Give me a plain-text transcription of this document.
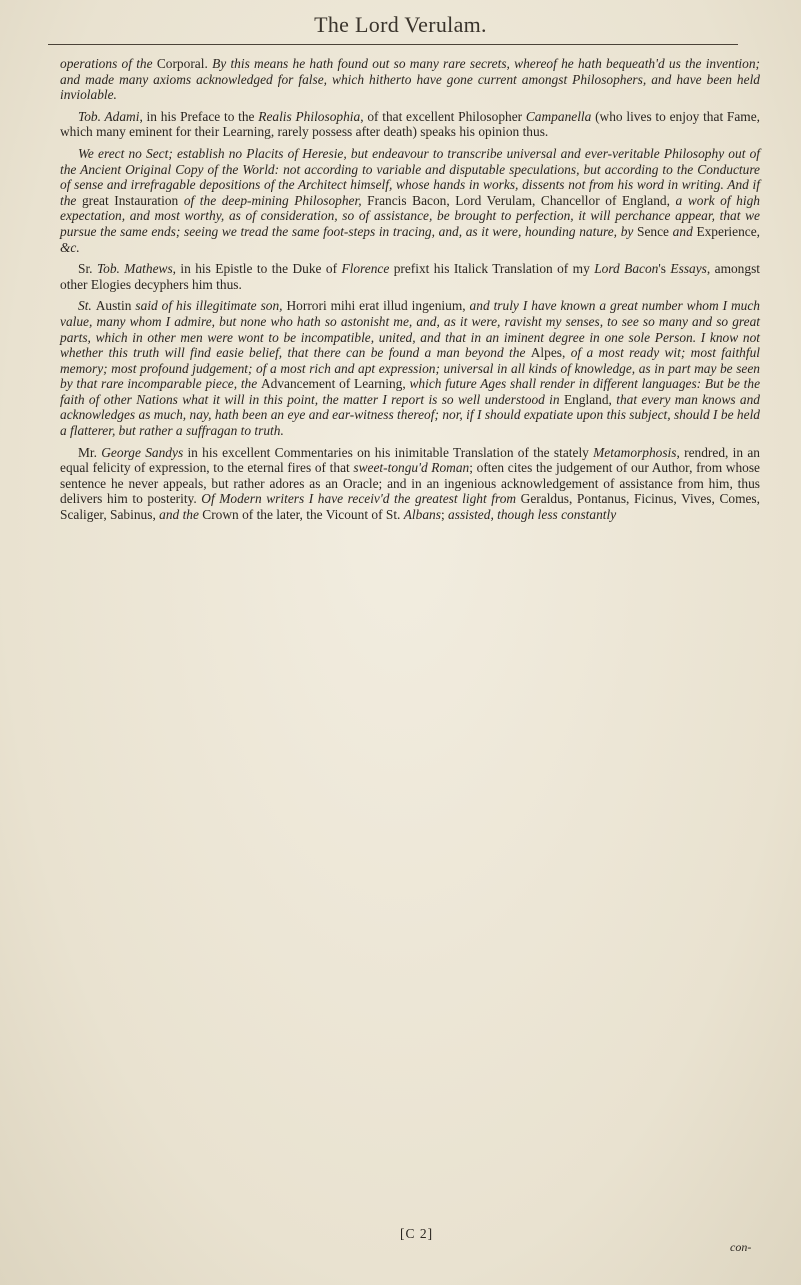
The Lord Verulam.

operations of the Corporal. By this means he hath found out so many rare secrets, whereof he hath bequeath'd us the invention; and made many axioms acknowledged for false, which hitherto have gone current amongst Philosophers, and have been held inviolable.

Tob. Adami, in his Preface to the Realis Philosophia, of that excellent Philosopher Campanella (who lives to enjoy that Fame, which many eminent for their Learning, rarely possess after death) speaks his opinion thus.

We erect no Sect; establish no Placits of Heresie, but endeavour to transcribe universal and ever-veritable Philosophy out of the Ancient Original Copy of the World: not according to variable and disputable speculations, but according to the Conducture of sense and irrefragable depositions of the Architect himself, whose hands in works, dissents not from his word in writing. And if the great Instauration of the deep-mining Philosopher, Francis Bacon, Lord Verulam, Chancellor of England, a work of high expectation, and most worthy, as of consideration, so of assistance, be brought to perfection, it will perchance appear, that we pursue the same ends; seeing we tread the same foot-steps in tracing, and, as it were, hounding nature, by Sence and Experience, &c.

Sr. Tob. Mathews, in his Epistle to the Duke of Florence prefixt his Italick Translation of my Lord Bacon's Essays, amongst other Elogies decyphers him thus.

St. Austin said of his illegitimate son, Horrori mihi erat illud ingenium, and truly I have known a great number whom I much value, many whom I admire, but none who hath so astonisht me, and, as it were, ravisht my senses, to see so many and so great parts, which in other men were wont to be incompatible, united, and that in an iminent degree in one sole Person. I know not whether this truth will find easie belief, that there can be found a man beyond the Alpes, of a most ready wit; most faithful memory; most profound judgement; of a most rich and apt expression; universal in all kinds of knowledge, as in part may be seen by that rare incomparable piece, the Advancement of Learning, which future Ages shall render in different languages: But be the faith of other Nations what it will in this point, the matter I report is so well understood in England, that every man knows and acknowledges as much, nay, hath been an eye and ear-witness thereof; nor, if I should expatiate upon this subject, should I be held a flatterer, but rather a suffragan to truth.

Mr. George Sandys in his excellent Commentaries on his inimitable Translation of the stately Metamorphosis, rendred, in an equal felicity of expression, to the eternal fires of that sweet-tongu'd Roman; often cites the judgement of our Author, from whose sentence he never appeals, but rather adores as an Oracle; and in an ingenious acknowledgement of assistance from him, thus delivers him to posterity. Of Modern writers I have receiv'd the greatest light from Geraldus, Pontanus, Ficinus, Vives, Comes, Scaliger, Sabinus, and the Crown of the later, the Vicount of St. Albans; assisted, though less constantly

[C 2]
con-
